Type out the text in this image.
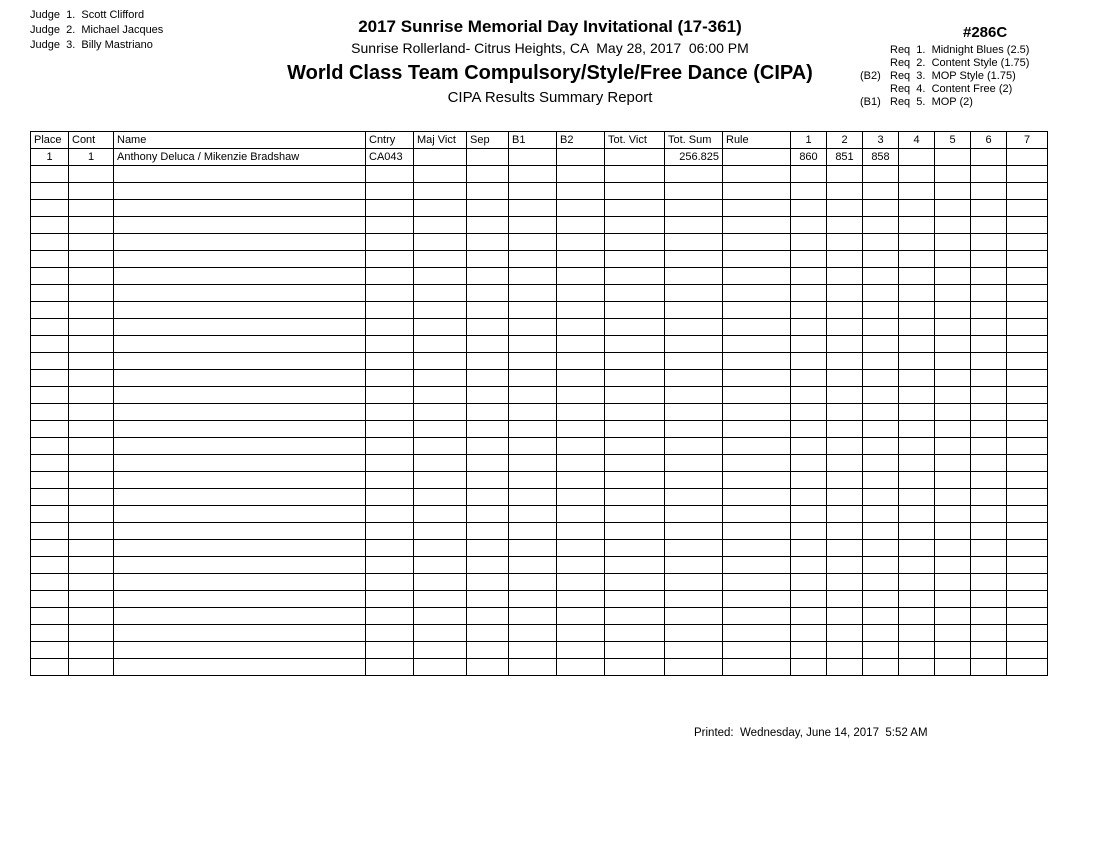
Judge  1.  Scott Clifford
Judge  2.  Michael Jacques
Judge  3.  Billy Mastriano
2017 Sunrise Memorial Day Invitational (17-361)
Sunrise Rollerland- Citrus Heights, CA  May 28, 2017  06:00 PM
World Class Team Compulsory/Style/Free Dance (CIPA)
CIPA Results Summary Report
#286C
Req  1.  Midnight Blues (2.5)
Req  2.  Content Style (1.75)
(B2) Req  3.  MOP Style (1.75)
Req  4.  Content Free (2)
(B1) Req  5.  MOP (2)
Place	Cont	Name	Cntry	Maj Vict	Sep	B1	B2	Tot. Vict	Tot. Sum	Rule	1	2	3	4	5	6	7
1	1	Anthony Deluca / Mikenzie Bradshaw	CA043						256.825		860	851	858				

Printed:  Wednesday, June 14, 2017  5:52 AM
